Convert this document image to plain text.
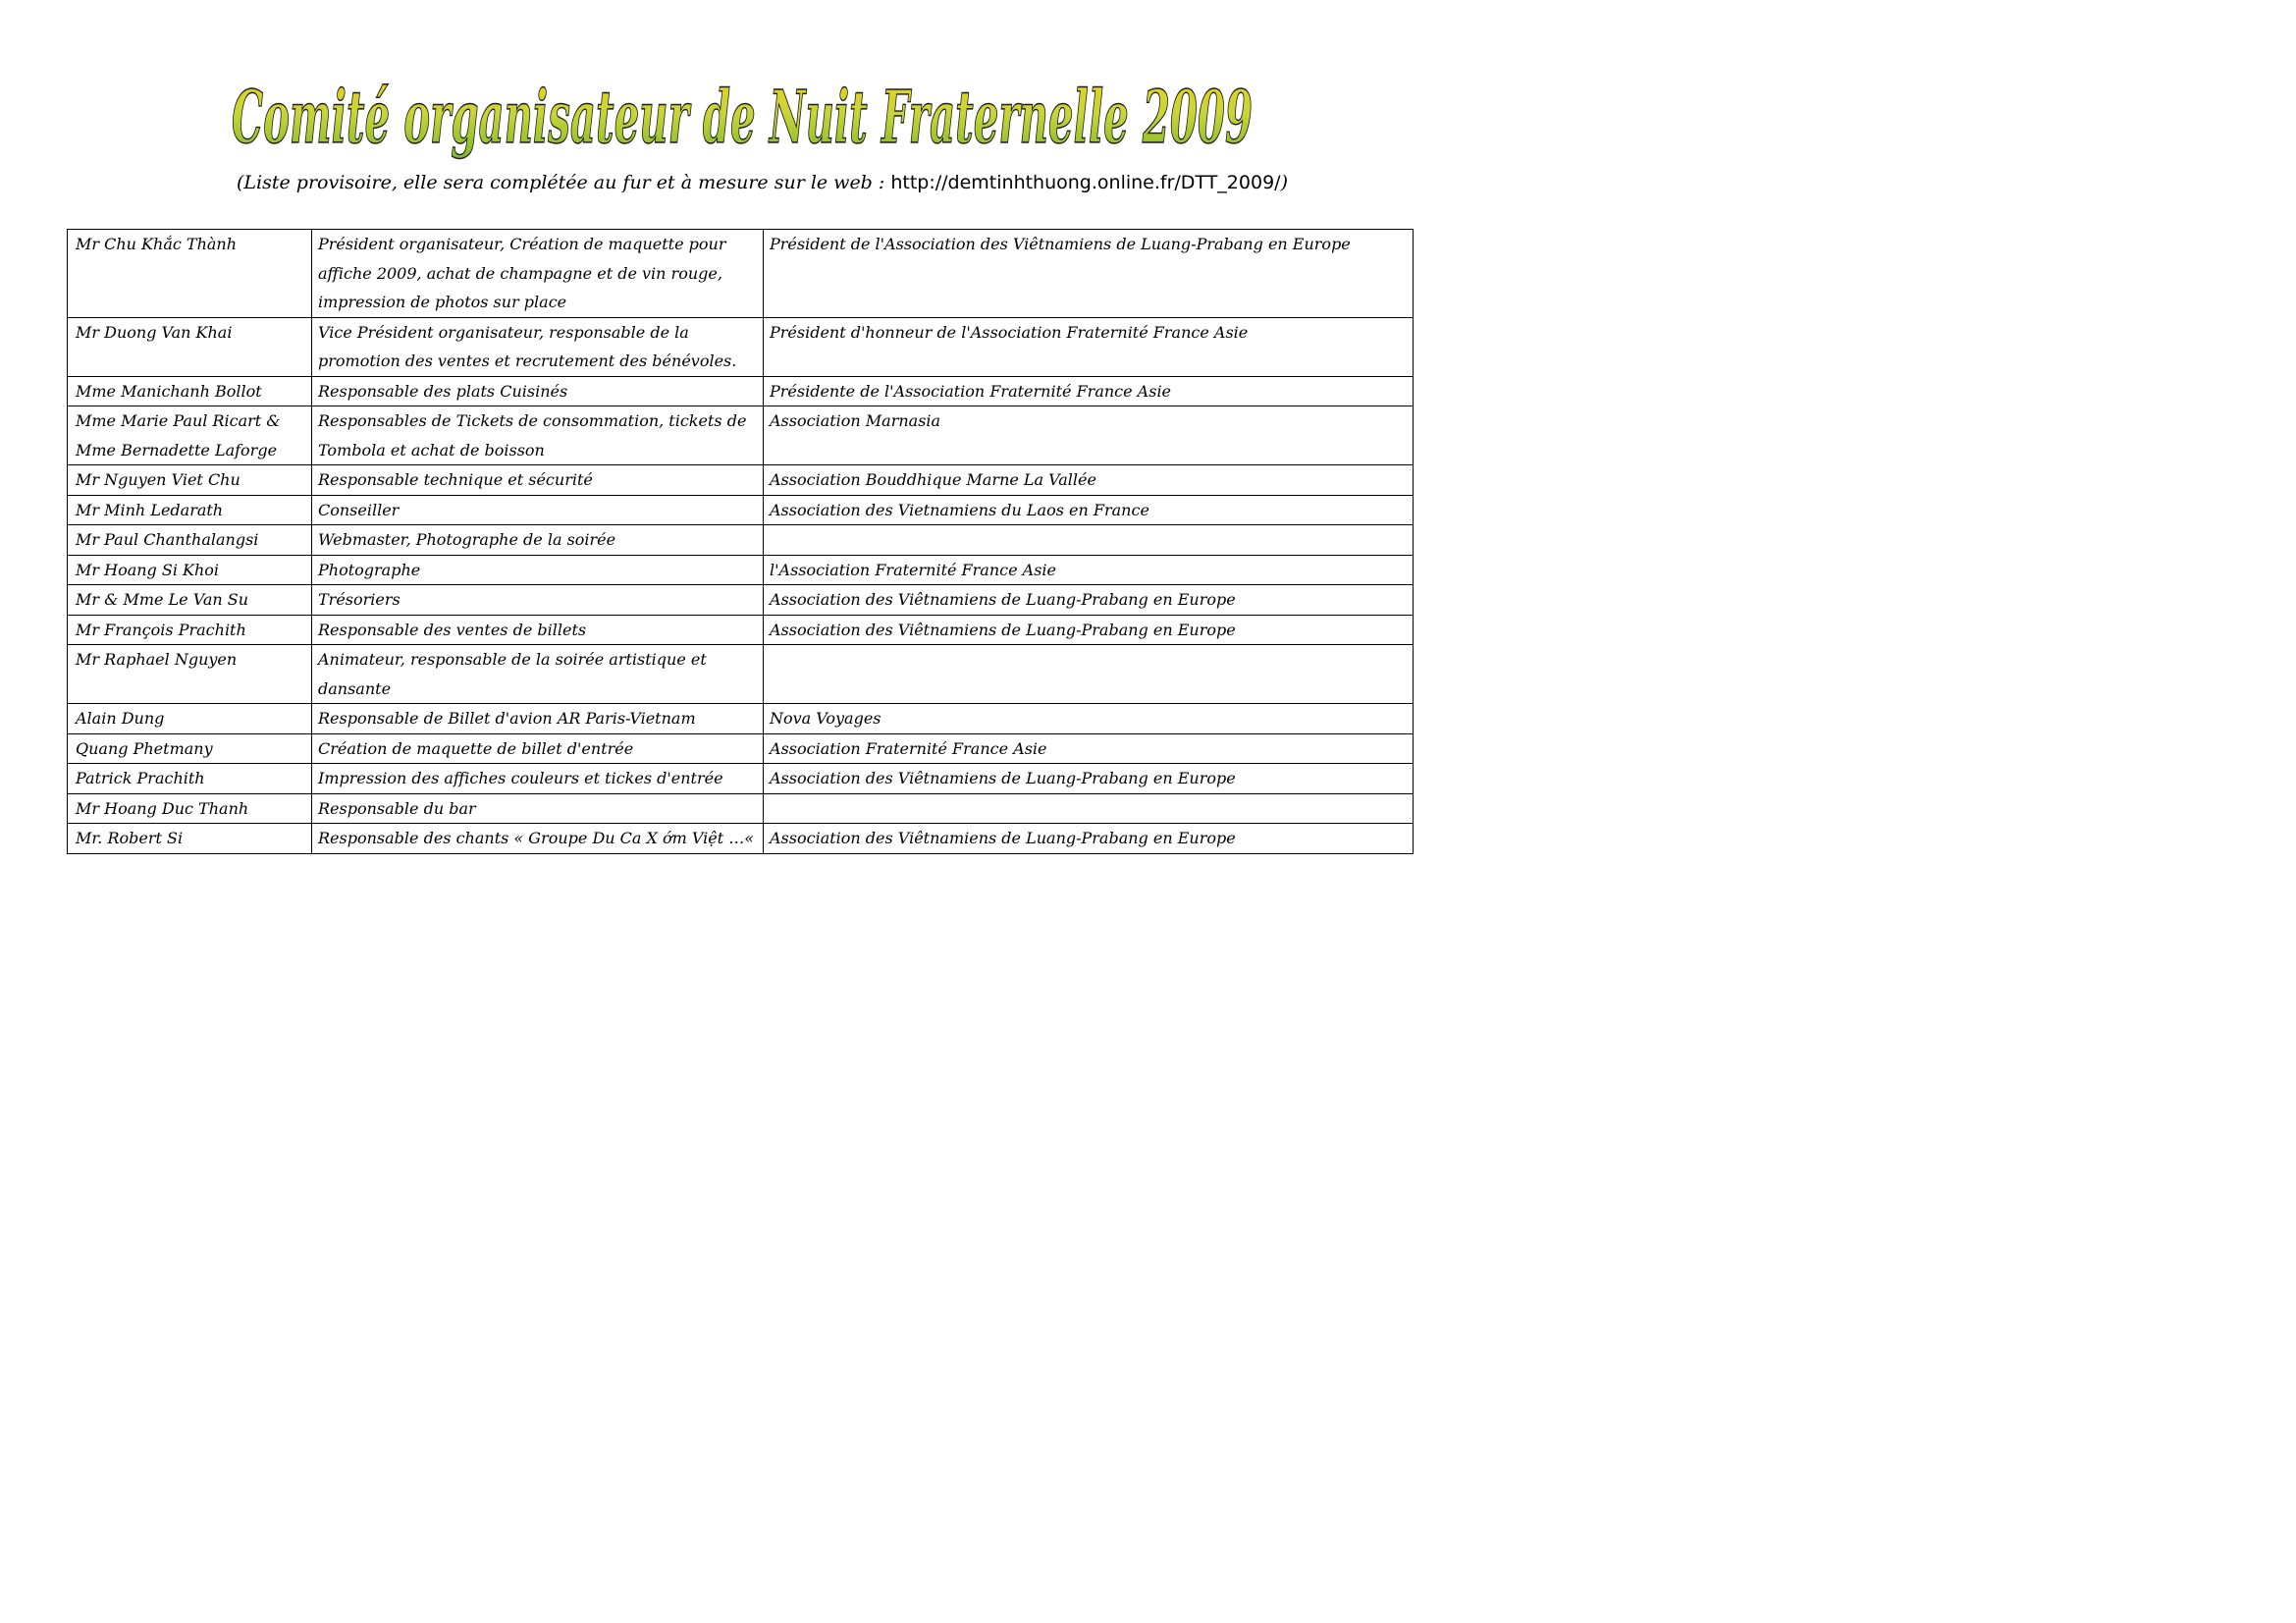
Comité organisateur de Nuit Fraternelle 2009
(Liste provisoire, elle sera complétée au fur et à mesure sur le web : http://demtinhthuong.online.fr/DTT_2009/)
Mr Chu Khắc Thành	Président organisateur, Création de maquette pour affiche 2009, achat de champagne et de vin rouge, impression de photos sur place	Président de l'Association des Viêtnamiens de Luang-Prabang en Europe
Mr Duong Van Khai	Vice Président organisateur, responsable de la promotion des ventes et recrutement des bénévoles.	Président d'honneur de l'Association Fraternité France Asie
Mme Manichanh Bollot	Responsable des plats Cuisinés	Présidente de l'Association Fraternité France Asie
Mme Marie Paul Ricart & Mme Bernadette Laforge	Responsables de Tickets de consommation, tickets de Tombola et achat de boisson	Association Marnasia
Mr Nguyen Viet Chu	Responsable technique et sécurité	Association Bouddhique Marne La Vallée
Mr Minh Ledarath	Conseiller	Association des Vietnamiens du Laos en France
Mr Paul Chanthalangsi	Webmaster, Photographe de la soirée	
Mr Hoang Si Khoi	Photographe	l'Association Fraternité France Asie
Mr & Mme Le Van Su	Trésoriers	Association des Viêtnamiens de Luang-Prabang en Europe
Mr François Prachith	Responsable des ventes de billets	Association des Viêtnamiens de Luang-Prabang en Europe
Mr Raphael Nguyen	Animateur, responsable de la soirée artistique et dansante	
Alain Dung	Responsable de Billet d'avion AR Paris-Vietnam	Nova Voyages
Quang Phetmany	Création de maquette de billet d'entrée	Association Fraternité France Asie
Patrick Prachith	Impression des affiches couleurs et tickes d'entrée	Association des Viêtnamiens de Luang-Prabang en Europe
Mr Hoang Duc Thanh	Responsable du bar	
Mr. Robert Si	Responsable des chants « Groupe Du Ca X ớm Việt …«	Association des Viêtnamiens de Luang-Prabang en Europe
